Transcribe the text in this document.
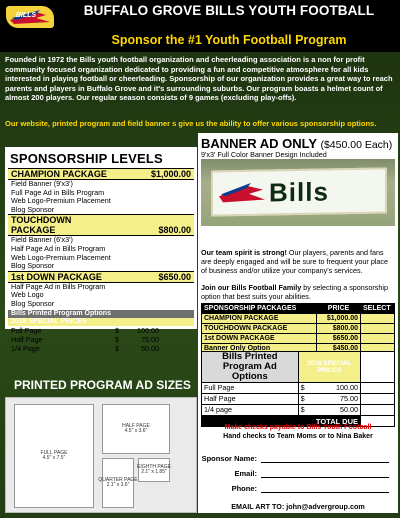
BILLS	BUFFALO GROVE BILLS YOUTH FOOTBALL
Sponsor the #1 Youth Football Program
Founded in 1972 the Bills youth football organization and cheerleading association is a non for profit community focused organization dedicated to providing a fun and competitive atmosphere for all kids interested in playing football or cheerleading. Sponsorship of our organization provides a great way to reach parents and players in Buffalo Grove and it's surrounding suburbs. Our program boasts a helmet count of almost 200 players. Our regular season consists of 9 games (excluding play-offs).
Our website, printed program and field banner s give us the ability to offer various sponsorship options.
SPONSORSHIP LEVELS
CHAMPION PACKAGE	$1,000.00
Field Banner (9'x3')
Full Page Ad in Bills Program
Web Logo-Premium Placement
Blog Sponsor
TOUCHDOWN
PACKAGE	$800.00
Field Banner (6'x3')
Half Page Ad in Bills Program
Web Logo-Premium Placement
Blog Sponsor
1st DOWN PACKAGE	$650.00
Half Page Ad in Bills Program
Web Logo
Blog Sponsor
Bills Printed Program Options
2018 SPECIAL PRICES
Full Page	$	100.00
Half Page	$	75.00
1/4 Page	$	50.00
BANNER AD ONLY ($450.00 Each)
9'x3' Full Color Banner Design Included
Bills
Our team spirit is strong! Our players, parents and fans are deeply engaged and will be sure to frequent your place of business and/or utilize your company's services.
Join our Bills Football Family by selecting a sponsorship option that best suits your abilities.
SPONSORSHIP PACKAGES	PRICE	SELECT
CHAMPION PACKAGE	$1,000.00	
TOUCHDOWN PACKAGE	$800.00	
1st DOWN PACKAGE	$650.00	
Banner Only Option	$450.00	
Bills Printed Program Ad Options	2018 SPECIAL PRICES	
Full Page	$ 100.00	

Half Page	$ 75.00	

1/4 page	$ 50.00	

TOTAL DUE		
Make checks payable to Bills Youth Football
Hand checks to Team Moms or to Nina Baker
Sponsor Name:
Email:
Phone:
EMAIL ART TO: john@advergroup.com
PRINTED PROGRAM AD SIZES
FULL PAGE
4.5" x 7.5"
HALF PAGE
4.5" x 3.6"
QUARTER PAGE
2.1" x 3.6"
EIGHTH PAGE
2.1" x 1.85"
